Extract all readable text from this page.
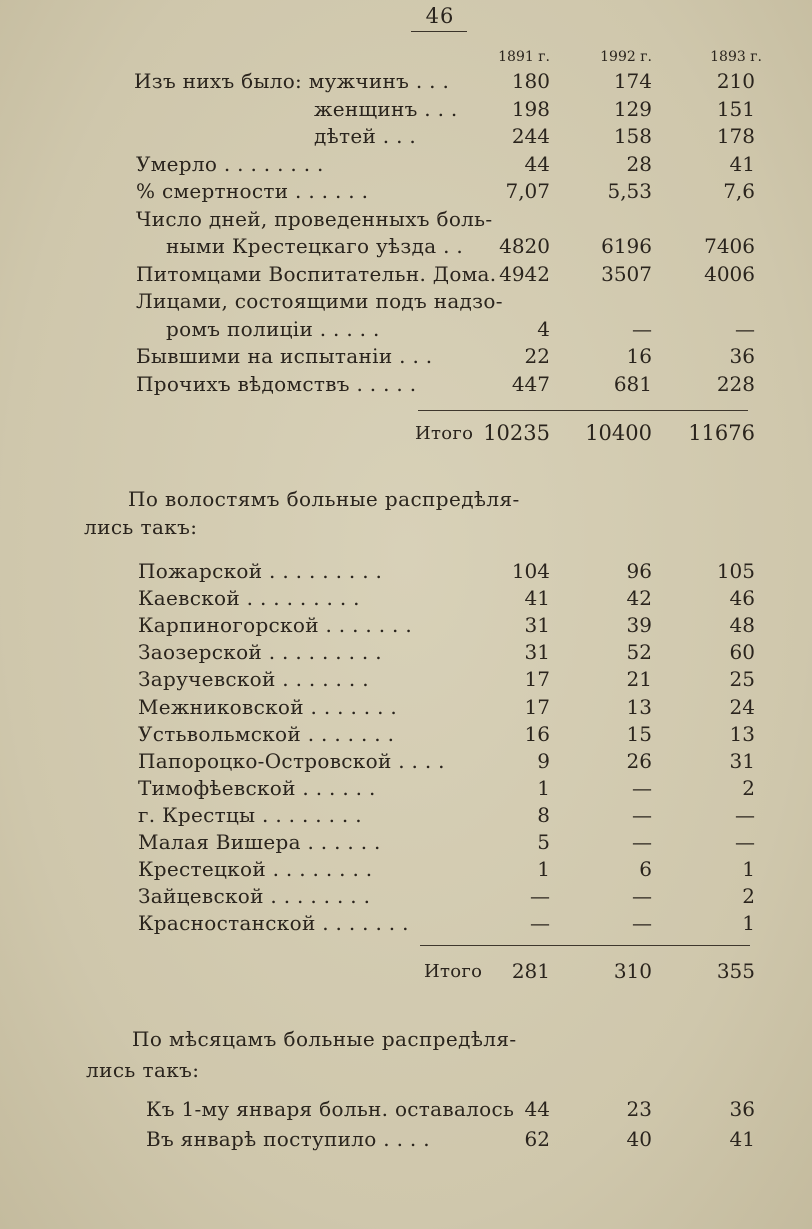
46
1891 г.	1992 г.	1893 г.
Изъ нихъ было: мужчинъ . . .	180	174	210
женщинъ . . .	198	129	151
дѣтей . . .	244	158	178
Умерло . . . . . . . .	44	28	41
% смертности . . . . . .	7,07	5,53	7,6
Число дней, проведенныхъ боль-
ными Крестецкаго уѣзда . .	4820	6196	7406
Питомцами Воспитательн. Дома. 4942	3507	4006
Лицами, состоящими подъ надзо-
ромъ полиціи . . . . .	4	—	—
Бывшими на испытаніи . . .	22	16	36
Прочихъ вѣдомствъ . . . . .	447	681	228
Итого 10235	10400	11676
По волостямъ больные распредѣля-
лись такъ:
Пожарской . . . . . . . . .	104	96	105
Каевской . . . . . . . . .	41	42	46
Карпиногорской . . . . . . .	31	39	48
Заозерской . . . . . . . . .	31	52	60
Заручевской . . . . . . .	17	21	25
Межниковской . . . . . . .	17	13	24
Устьвольмской . . . . . . .	16	15	13
Папороцко-Островской . . . .	9	26	31
Тимофѣевской . . . . . .	1	—	2
г. Крестцы . . . . . . . .	8	—	—
Малая Вишера . . . . . .	5	—	—
Крестецкой . . . . . . . .	1	6	1
Зайцевской . . . . . . . .	—	—	2
Красностанской . . . . . . .	—	—	1
Итого	281	310	355
По мѣсяцамъ больные распредѣля-
лись такъ:
Къ 1-му января больн. оставалось 44	23	36
Въ январѣ поступило . . . .	62	40	41
